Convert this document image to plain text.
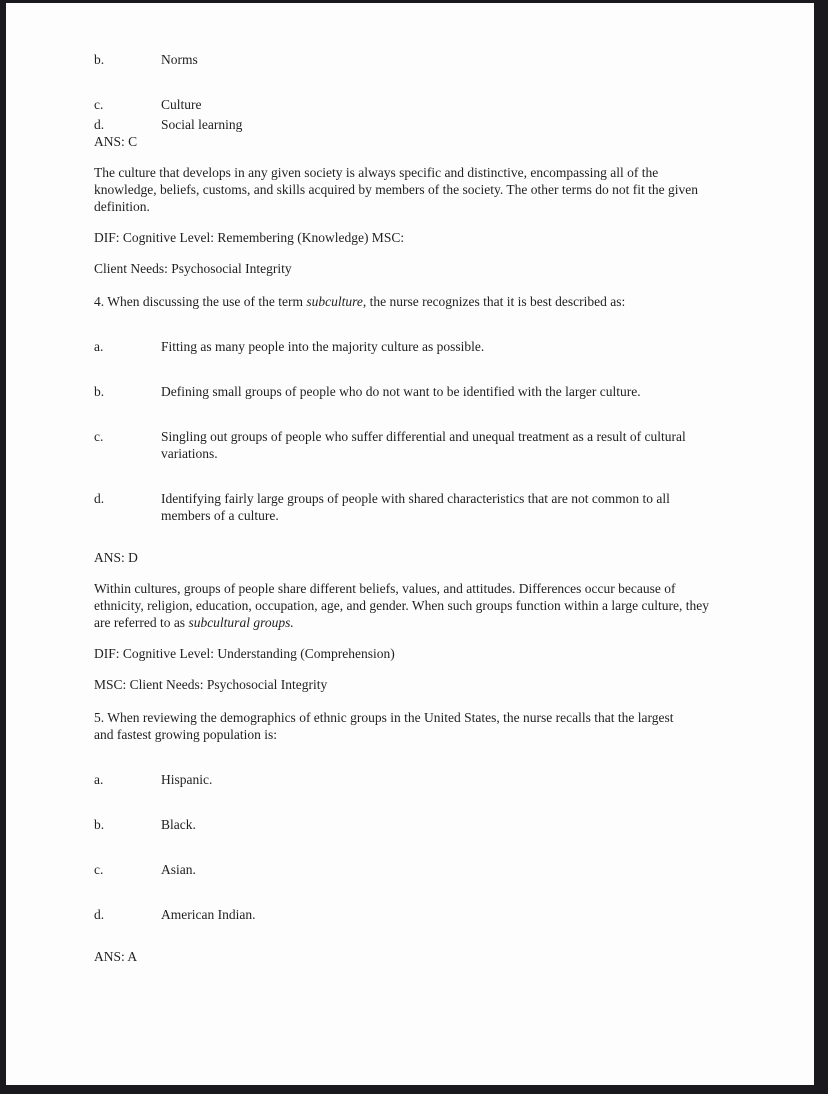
b.	Norms
c.	Culture
d.	Social learning
ANS: C
The culture that develops in any given society is always specific and distinctive, encompassing all of the
knowledge, beliefs, customs, and skills acquired by members of the society. The other terms do not fit the given
definition.
DIF: Cognitive Level: Remembering (Knowledge) MSC:
Client Needs: Psychosocial Integrity
4. When discussing the use of the term subculture, the nurse recognizes that it is best described as:
a.	Fitting as many people into the majority culture as possible.
b.	Defining small groups of people who do not want to be identified with the larger culture.
c.	Singling out groups of people who suffer differential and unequal treatment as a result of cultural
variations.
d.	Identifying fairly large groups of people with shared characteristics that are not common to all
members of a culture.
ANS: D
Within cultures, groups of people share different beliefs, values, and attitudes. Differences occur because of
ethnicity, religion, education, occupation, age, and gender. When such groups function within a large culture, they
are referred to as subcultural groups.
DIF: Cognitive Level: Understanding (Comprehension)
MSC: Client Needs: Psychosocial Integrity
5. When reviewing the demographics of ethnic groups in the United States, the nurse recalls that the largest
and fastest growing population is:
a.	Hispanic.
b.	Black.
c.	Asian.
d.	American Indian.
ANS: A
